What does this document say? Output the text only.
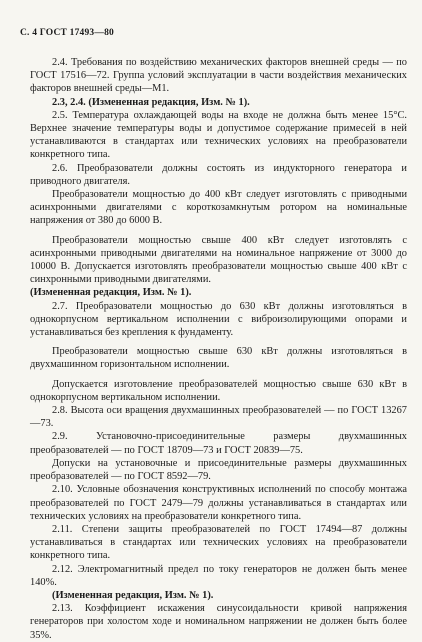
С. 4 ГОСТ 17493—80

2.4. Требования по воздействию механических факторов внешней среды — по ГОСТ 17516—72. Группа условий эксплуатации в части воздействия механических факторов внешней среды—М1.

2.3, 2.4. (Измененная редакция, Изм. № 1).

2.5. Температура охлаждающей воды на входе не должна быть менее 15°С. Верхнее значение температуры воды и допустимое содержание примесей в ней устанавливаются в стандартах или технических условиях на преобразователи конкретного типа.

2.6. Преобразователи должны состоять из индукторного генератора и приводного двигателя.

Преобразователи мощностью до 400 кВт следует изготовлять с приводными асинхронными двигателями с короткозамкнутым ротором на номинальные напряжения от 380 до 6000 В.

Преобразователи мощностью свыше 400 кВт следует изготовлять с асинхронными приводными двигателями на номинальное напряжение от 3000 до 10000 В. Допускается изготовлять преобразователи мощностью свыше 400 кВт с синхронными приводными двигателями.

(Измененная редакция, Изм. № 1).

2.7. Преобразователи мощностью до 630 кВт должны изготовляться в однокорпусном вертикальном исполнении с виброизолирующими опорами и устанавливаться без крепления к фундаменту.

Преобразователи мощностью свыше 630 кВт должны изготовляться в двухмашинном горизонтальном исполнении.

Допускается изготовление преобразователей мощностью свыше 630 кВт в однокорпусном вертикальном исполнении.

2.8. Высота оси вращения двухмашинных преобразователей — по ГОСТ 13267—73.

2.9. Установочно-присоединительные размеры двухмашинных преобразователей — по ГОСТ 18709—73 и ГОСТ 20839—75.

Допуски на установочные и присоединительные размеры двухмашинных преобразователей — по ГОСТ 8592—79.

2.10. Условные обозначения конструктивных исполнений по способу монтажа преобразователей по ГОСТ 2479—79 должны устанавливаться в стандартах или технических условиях на преобразователи конкретного типа.

2.11. Степени защиты преобразователей по ГОСТ 17494—87 должны устанавливаться в стандартах или технических условиях на преобразователи конкретного типа.

2.12. Электромагнитный предел по току генераторов не должен быть менее 140%.

(Измененная редакция, Изм. № 1).

2.13. Коэффициент искажения синусоидальности кривой напряжения генераторов при холостом ходе и номинальном напряжении не должен быть более 35%.
